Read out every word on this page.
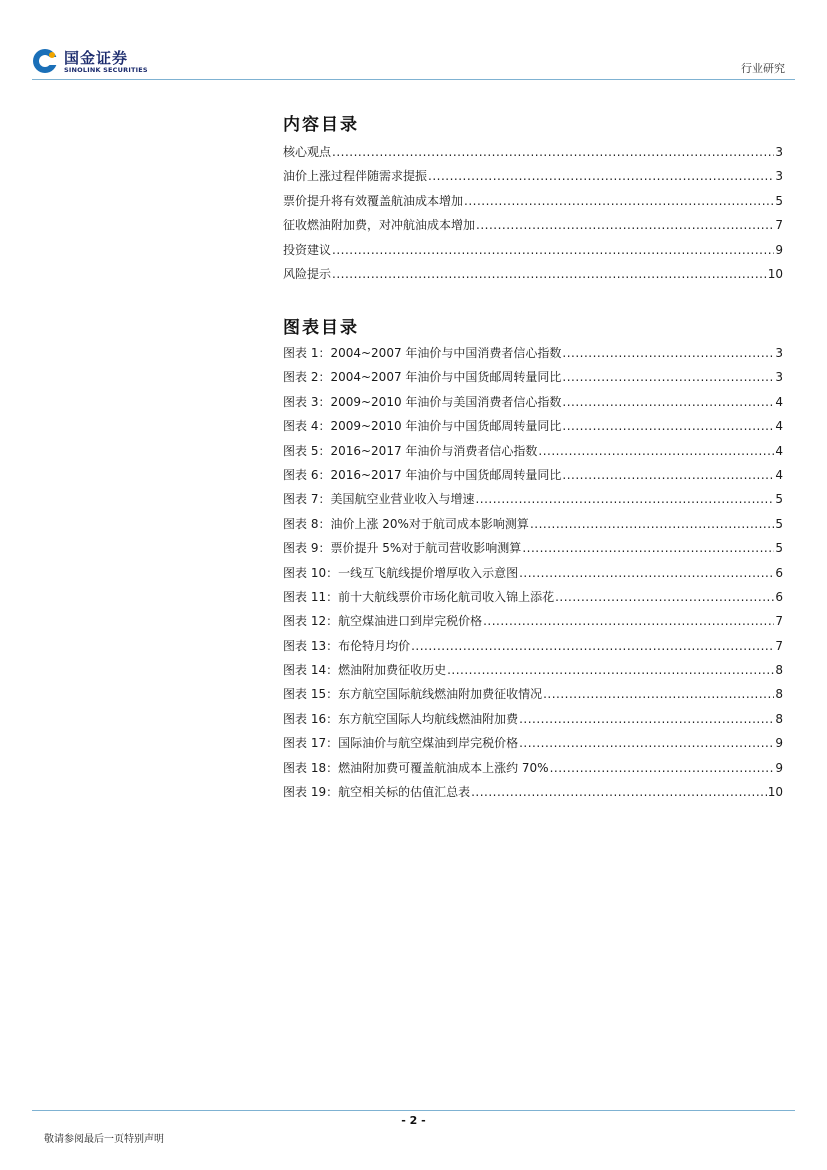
国金证券
SINOLINK SECURITIES	行业研究
内容目录
核心观点 .....	3
油价上涨过程伴随需求提振 .....	3
票价提升将有效覆盖航油成本增加 .....	5
征收燃油附加费，对冲航油成本增加 .....	7
投资建议 .....	9
风险提示 .....	10
图表目录
图表 1：2004~2007 年油价与中国消费者信心指数 .....	3
图表 2：2004~2007 年油价与中国货邮周转量同比 .....	3
图表 3：2009~2010 年油价与美国消费者信心指数 .....	4
图表 4：2009~2010 年油价与中国货邮周转量同比 .....	4
图表 5：2016~2017 年油价与消费者信心指数 .....	4
图表 6：2016~2017 年油价与中国货邮周转量同比 .....	4
图表 7：美国航空业营业收入与增速 .....	5
图表 8：油价上涨 20%对于航司成本影响测算 .....	5
图表 9：票价提升 5%对于航司营收影响测算 .....	5
图表 10：一线互飞航线提价增厚收入示意图 .....	6
图表 11：前十大航线票价市场化航司收入锦上添花 .....	6
图表 12：航空煤油进口到岸完税价格 .....	7
图表 13：布伦特月均价 .....	7
图表 14：燃油附加费征收历史 .....	8
图表 15：东方航空国际航线燃油附加费征收情况 .....	8
图表 16：东方航空国际人均航线燃油附加费 .....	8
图表 17：国际油价与航空煤油到岸完税价格 .....	9
图表 18：燃油附加费可覆盖航油成本上涨约 70% .....	9
图表 19：航空相关标的估值汇总表 .....	10
- 2 -
敬请参阅最后一页特别声明
